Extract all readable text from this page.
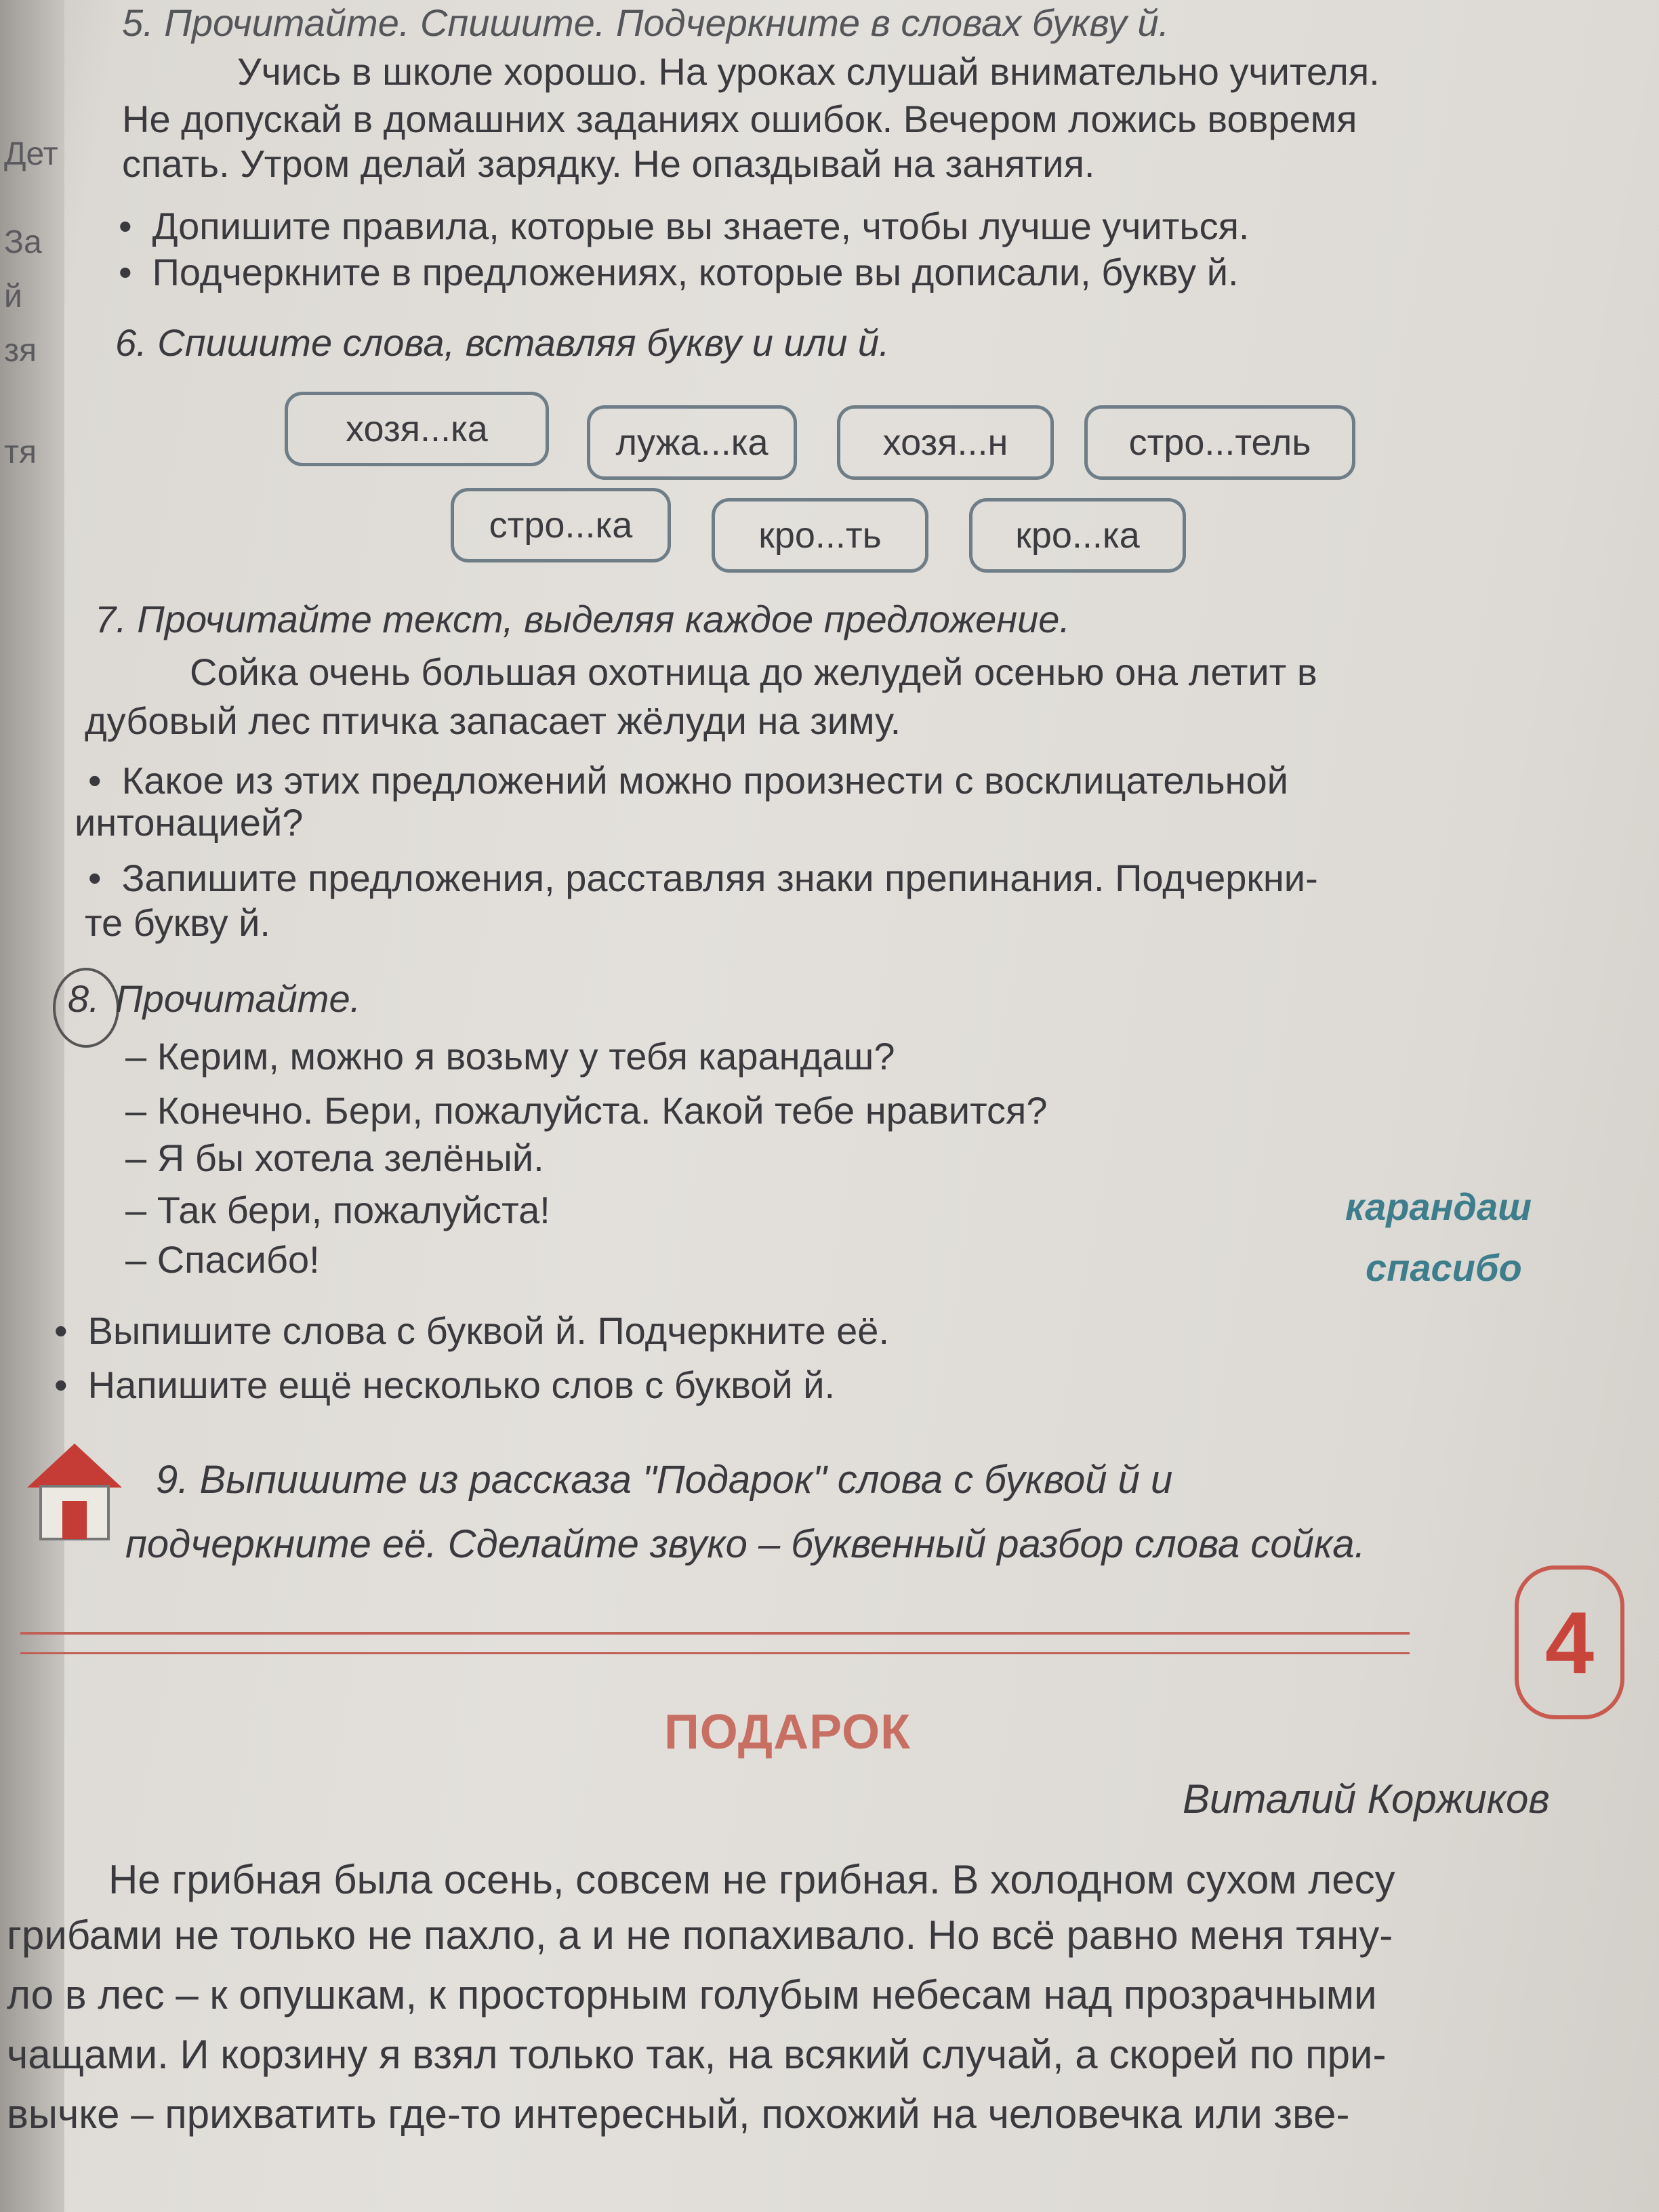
Дет
За
й
зя
тя
5. Прочитайте. Спишите. Подчеркните в словах букву й.
Учись в школе хорошо. На уроках слушай внимательно учителя.
Не допускай в домашних заданиях ошибок. Вечером ложись вовремя
спать. Утром делай зарядку. Не опаздывай на занятия.
• Допишите правила, которые вы знаете, чтобы лучше учиться.
• Подчеркните в предложениях, которые вы дописали, букву й.
6. Спишите слова, вставляя букву и или й.
хозя...ка	лужа...ка	хозя...н	стро...тель
стро...ка	кро...ть	кро...ка
7. Прочитайте текст, выделяя каждое предложение.
Сойка очень большая охотница до желудей осенью она летит в
дубовый лес птичка запасает жёлуди на зиму.
• Какое из этих предложений можно произнести с восклицательной
интонацией?
• Запишите предложения, расставляя знаки препинания. Подчеркни-
те букву й.
8. Прочитайте.
– Керим, можно я возьму у тебя карандаш?
– Конечно. Бери, пожалуйста. Какой тебе нравится?
– Я бы хотела зелёный.
– Так бери, пожалуйста!
– Спасибо!
карандаш
спасибо
• Выпишите слова с буквой й. Подчеркните её.
• Напишите ещё несколько слов с буквой й.
9. Выпишите из рассказа "Подарок" слова с буквой й и
подчеркните её. Сделайте звуко – буквенный разбор слова сойка.
4
ПОДАРОК
Виталий Коржиков
Не грибная была осень, совсем не грибная. В холодном сухом лесу
грибами не только не пахло, а и не попахивало. Но всё равно меня тяну-
ло в лес – к опушкам, к просторным голубым небесам над прозрачными
чащами. И корзину я взял только так, на всякий случай, а скорей по при-
вычке – прихватить где-то интересный, похожий на человечка или зве-
